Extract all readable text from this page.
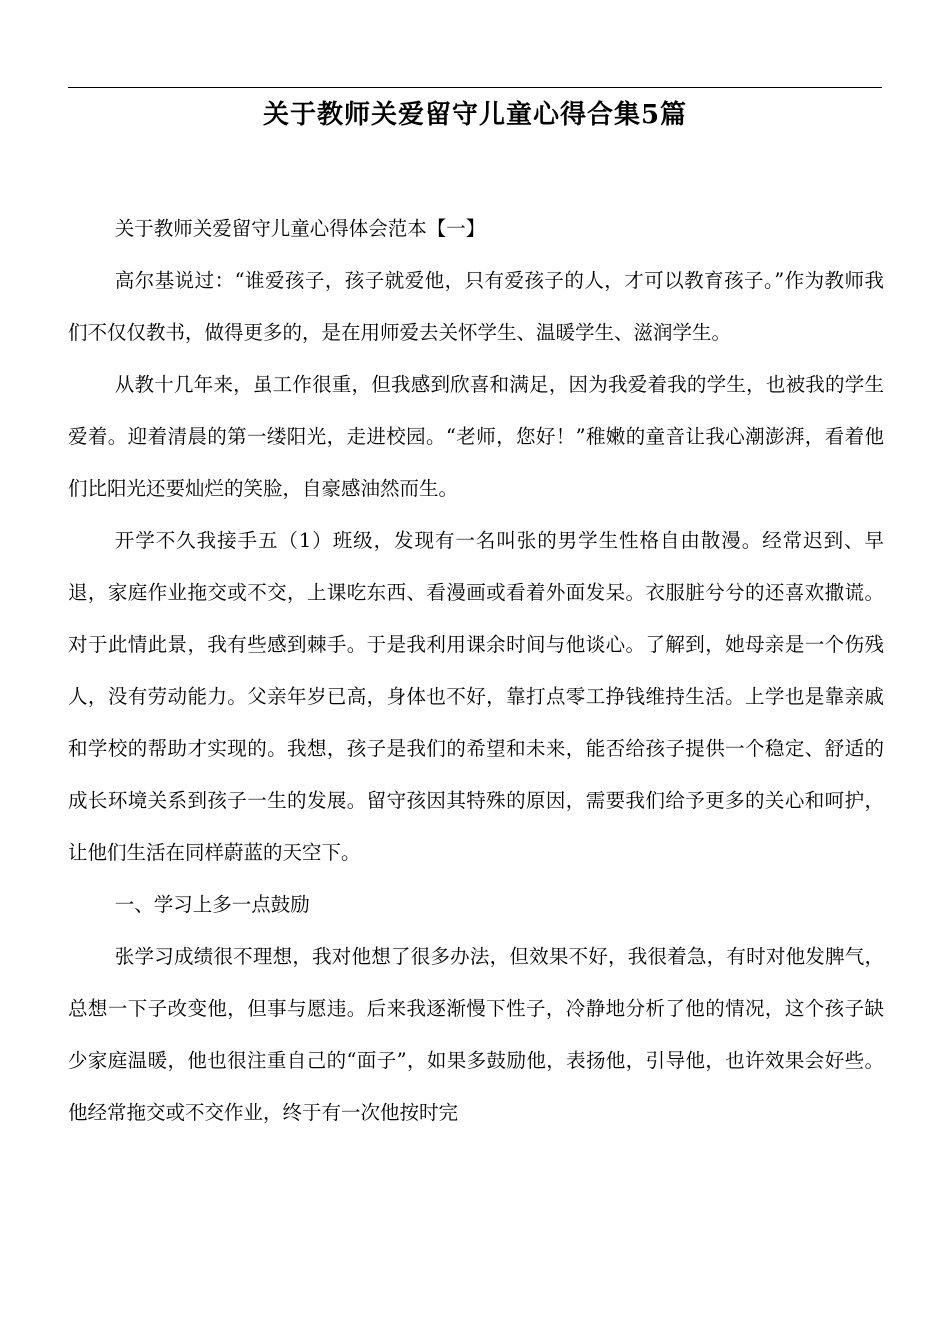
关于教师关爱留守儿童心得合集5篇

关于教师关爱留守儿童心得体会范本【一】

高尔基说过：“谁爱孩子，孩子就爱他，只有爱孩子的人，才可以教育孩子。”作为教师我们不仅仅教书，做得更多的，是在用师爱去关怀学生、温暖学生、滋润学生。

从教十几年来，虽工作很重，但我感到欣喜和满足，因为我爱着我的学生，也被我的学生爱着。迎着清晨的第一缕阳光，走进校园。“老师，您好！”稚嫩的童音让我心潮澎湃，看着他们比阳光还要灿烂的笑脸，自豪感油然而生。

开学不久我接手五（1）班级，发现有一名叫张的男学生性格自由散漫。经常迟到、早退，家庭作业拖交或不交，上课吃东西、看漫画或看着外面发呆。衣服脏兮兮的还喜欢撒谎。对于此情此景，我有些感到棘手。于是我利用课余时间与他谈心。了解到，她母亲是一个伤残人，没有劳动能力。父亲年岁已高，身体也不好，靠打点零工挣钱维持生活。上学也是靠亲戚和学校的帮助才实现的。我想，孩子是我们的希望和未来，能否给孩子提供一个稳定、舒适的成长环境关系到孩子一生的发展。留守孩因其特殊的原因，需要我们给予更多的关心和呵护，让他们生活在同样蔚蓝的天空下。

一、学习上多一点鼓励

张学习成绩很不理想，我对他想了很多办法，但效果不好，我很着急，有时对他发脾气，总想一下子改变他，但事与愿违。后来我逐渐慢下性子，冷静地分析了他的情况，这个孩子缺少家庭温暖，他也很注重自己的“面子”，如果多鼓励他，表扬他，引导他，也许效果会好些。他经常拖交或不交作业，终于有一次他按时完
